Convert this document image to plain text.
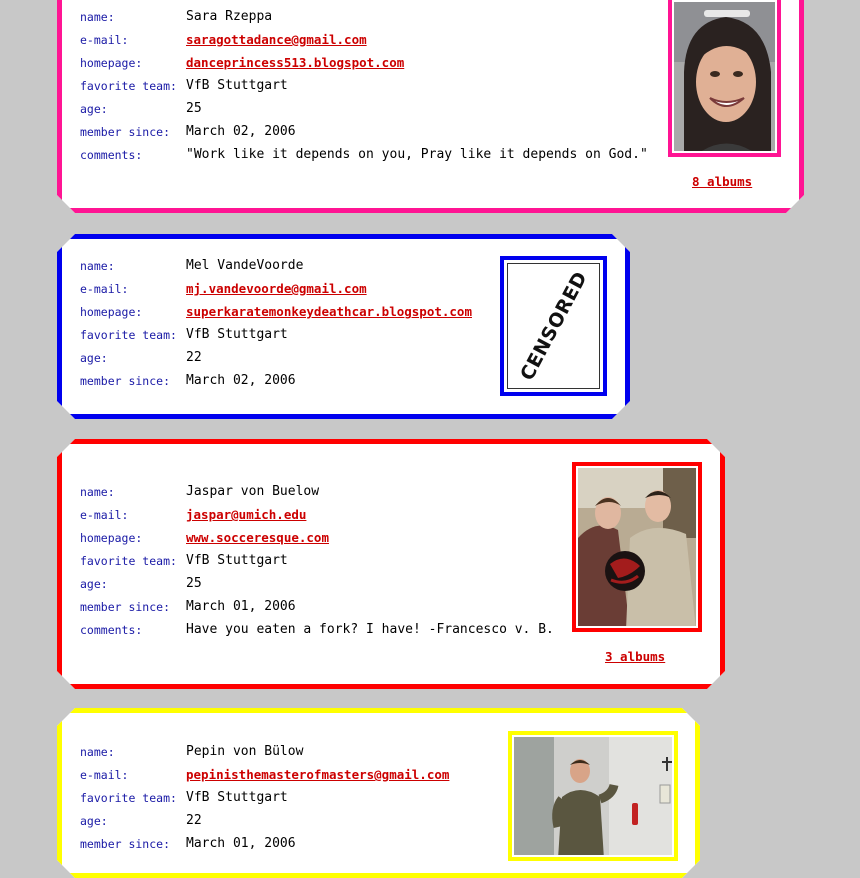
name:	Sara Rzeppa
e-mail:	saragottadance@gmail.com
homepage:	danceprincess513.blogspot.com
favorite team: VfB Stuttgart
age:	25
member since: March 02, 2006
comments:	"Work like it depends on you, Pray like it depends on God."
8 albums
name:	Mel VandeVoorde
e-mail:	mj.vandevoorde@gmail.com
homepage:	superkaratemonkeydeathcar.blogspot.com
favorite team: VfB Stuttgart
age:	22
member since: March 02, 2006	CENSORED
name:	Jaspar von Buelow
e-mail:	jaspar@umich.edu
homepage:	www.socceresque.com
favorite team: VfB Stuttgart
age:	25
member since: March 01, 2006
comments:	Have you eaten a fork? I have! -Francesco v. B.
3 albums
name:	Pepin von Bülow
e-mail:	pepinisthemasterofmasters@gmail.com
favorite team: VfB Stuttgart
age:	22
member since: March 01, 2006
